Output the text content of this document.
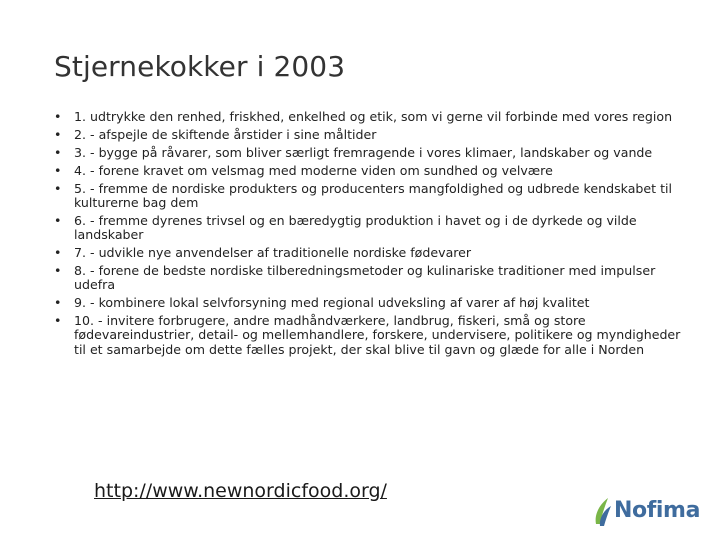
Stjernekokker i 2003
• 1. udtrykke den renhed, friskhed, enkelhed og etik, som vi gerne vil forbinde med vores region
• 2. - afspejle de skiftende årstider i sine måltider
• 3. - bygge på råvarer, som bliver særligt fremragende i vores klimaer, landskaber og vande
• 4. - forene kravet om velsmag med moderne viden om sundhed og velvære
• 5. - fremme de nordiske produkters og producenters mangfoldighed og udbrede kendskabet til kulturerne bag dem
• 6. - fremme dyrenes trivsel og en bæredygtig produktion i havet og i de dyrkede og vilde landskaber
• 7. - udvikle nye anvendelser af traditionelle nordiske fødevarer
• 8. - forene de bedste nordiske tilberedningsmetoder og kulinariske traditioner med impulser udefra
• 9. - kombinere lokal selvforsyning med regional udveksling af varer af høj kvalitet
• 10. - invitere forbrugere, andre madhåndværkere, landbrug, fiskeri, små og store fødevareindustrier, detail- og mellemhandlere, forskere, undervisere, politikere og myndigheder til et samarbejde om dette fælles projekt, der skal blive til gavn og glæde for alle i Norden
http://www.newnordicfood.org/
Nofima
